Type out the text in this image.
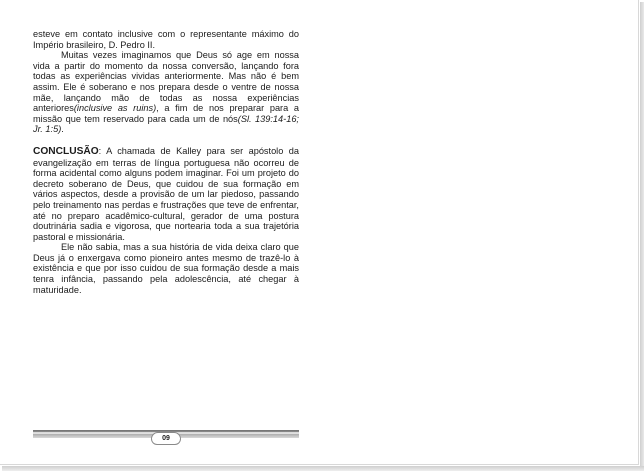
esteve em contato inclusive com o representante máximo do Império brasileiro, D. Pedro II.

Muitas vezes imaginamos que Deus só age em nossa vida a partir do momento da nossa conversão, lançando fora todas as experiências vividas anteriormente. Mas não é bem assim. Ele é soberano e nos prepara desde o ventre de nossa mãe, lançando mão de todas as nossa experiências anteriores(inclusive as ruins), a fim de nos preparar para a missão que tem reservado para cada um de nós(Sl. 139:14-16; Jr. 1:5).

CONCLUSÃO: A chamada de Kalley para ser apóstolo da evangelização em terras de língua portuguesa não ocorreu de forma acidental como alguns podem imaginar. Foi um projeto do decreto soberano de Deus, que cuidou de sua formação em vários aspectos, desde a provisão de um lar piedoso, passando pelo treinamento nas perdas e frustrações que teve de enfrentar, até no preparo acadêmico-cultural, gerador de uma postura doutrinária sadia e vigorosa, que nortearia toda a sua trajetória pastoral e missionária.

Ele não sabia, mas a sua história de vida deixa claro que Deus já o enxergava como pioneiro antes mesmo de trazê-lo à existência e que por isso cuidou de sua formação desde a mais tenra infância, passando pela adolescência, até chegar à maturidade.

09
